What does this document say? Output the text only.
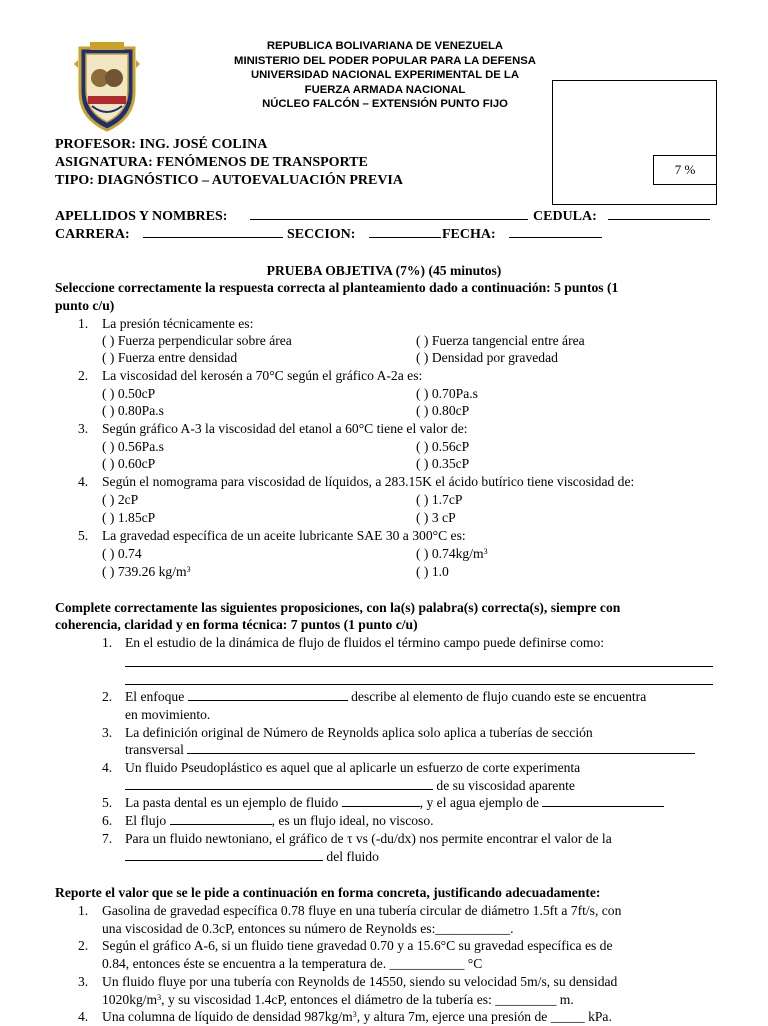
REPUBLICA BOLIVARIANA DE VENEZUELA
MINISTERIO DEL PODER POPULAR PARA LA DEFENSA
UNIVERSIDAD NACIONAL EXPERIMENTAL DE LA
FUERZA ARMADA NACIONAL
NÚCLEO FALCÓN – EXTENSIÓN PUNTO FIJO
7 %
PROFESOR: ING. JOSÉ COLINA
ASIGNATURA: FENÓMENOS DE TRANSPORTE
TIPO: DIAGNÓSTICO – AUTOEVALUACIÓN PREVIA
APELLIDOS Y NOMBRES:	CEDULA:
CARRERA:	SECCION:	FECHA:
PRUEBA OBJETIVA (7%) (45 minutos)
Seleccione correctamente la respuesta correcta al planteamiento dado a continuación: 5 puntos (1
punto c/u)
1. La presión técnicamente es:
( ) Fuerza perpendicular sobre área	( ) Fuerza tangencial entre área
( ) Fuerza entre densidad	( ) Densidad por gravedad
2. La viscosidad del kerosén a 70°C según el gráfico A-2a es:
( ) 0.50cP	( ) 0.70Pa.s
( ) 0.80Pa.s	( ) 0.80cP
3. Según gráfico A-3 la viscosidad del etanol a 60°C tiene el valor de:
( ) 0.56Pa.s	( ) 0.56cP
( ) 0.60cP	( ) 0.35cP
4. Según el nomograma para viscosidad de líquidos, a 283.15K el ácido butírico tiene viscosidad de:
( ) 2cP	( ) 1.7cP
( ) 1.85cP	( ) 3 cP
5. La gravedad específica de un aceite lubricante SAE 30 a 300°C es:
( ) 0.74	( ) $0.74kg/m^3$
( ) 739.26 $kg/m^3$	( ) 1.0
Complete correctamente las siguientes proposiciones, con la(s) palabra(s) correcta(s), siempre con
coherencia, claridad y en forma técnica: 7 puntos (1 punto c/u)
1. En el estudio de la dinámica de flujo de fluidos el término campo puede definirse como:
2. El enfoque	describe al elemento de flujo cuando este se encuentra
en movimiento.
3. La definición original de Número de Reynolds aplica solo aplica a tuberías de sección
transversal
4. Un fluido Pseudoplástico es aquel que al aplicarle un esfuerzo de corte experimenta
de su viscosidad aparente
5. La pasta dental es un ejemplo de fluido	, y el agua ejemplo de
6. El flujo	, es un flujo ideal, no viscoso.
7. Para un fluido newtoniano, el gráfico de τ vs (-du/dx) nos permite encontrar el valor de la
del fluido
Reporte el valor que se le pide a continuación en forma concreta, justificando adecuadamente:
1. Gasolina de gravedad específica 0.78 fluye en una tubería circular de diámetro 1.5ft a 7ft/s, con
una viscosidad de 0.3cP, entonces su número de Reynolds es:___________.
2. Según el gráfico A-6, si un fluido tiene gravedad 0.70 y a 15.6°C su gravedad específica es de
0.84, entonces éste se encuentra a la temperatura de. ___________ °C
3. Un fluido fluye por una tubería con Reynolds de 14550, siendo su velocidad 5m/s, su densidad
$1020kg/m^3$, y su viscosidad 1.4cP, entonces el diámetro de la tubería es: _________ m.
4. Una columna de líquido de densidad $987kg/m^3$, y altura 7m, ejerce una presión de _____ kPa.
